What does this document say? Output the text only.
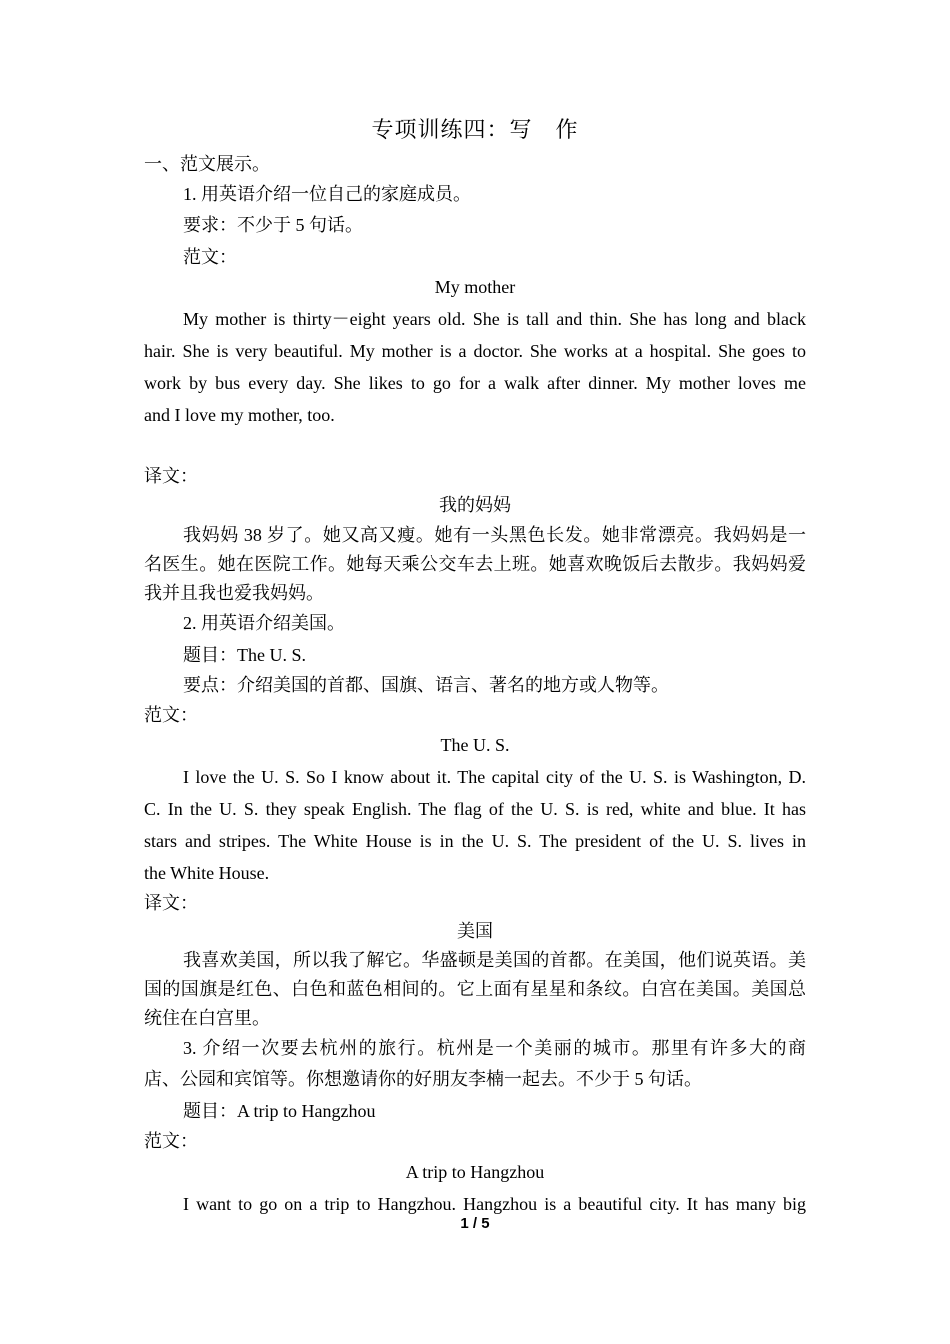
专项训练四：写　作
一、范文展示。
1. 用英语介绍一位自己的家庭成员。
要求：不少于 5 句话。
范文：
My mother
My mother is thirty－eight years old. She is tall and thin. She has long and black
hair. She is very beautiful. My mother is a doctor. She works at a hospital. She goes to
work by bus every day. She likes to go for a walk after dinner. My mother loves me
and I love my mother, too.
译文：
我的妈妈
我妈妈 38 岁了。她又高又瘦。她有一头黑色长发。她非常漂亮。我妈妈是一
名医生。她在医院工作。她每天乘公交车去上班。她喜欢晚饭后去散步。我妈妈爱
我并且我也爱我妈妈。
2. 用英语介绍美国。
题目：The U. S.
要点：介绍美国的首都、国旗、语言、著名的地方或人物等。
范文：
The U. S.
I love the U. S. So I know about it. The capital city of the U. S. is Washington, D.
C. In the U. S. they speak English. The flag of the U. S. is red, white and blue. It has
stars and stripes. The White House is in the U. S. The president of the U. S. lives in
the White House.
译文：
美国
我喜欢美国，所以我了解它。华盛顿是美国的首都。在美国，他们说英语。美
国的国旗是红色、白色和蓝色相间的。它上面有星星和条纹。白宫在美国。美国总
统住在白宫里。
3. 介绍一次要去杭州的旅行。杭州是一个美丽的城市。那里有许多大的商
店、公园和宾馆等。你想邀请你的好朋友李楠一起去。不少于 5 句话。
题目：A trip to Hangzhou
范文：
A trip to Hangzhou
I want to go on a trip to Hangzhou. Hangzhou is a beautiful city. It has many big
1 / 5
